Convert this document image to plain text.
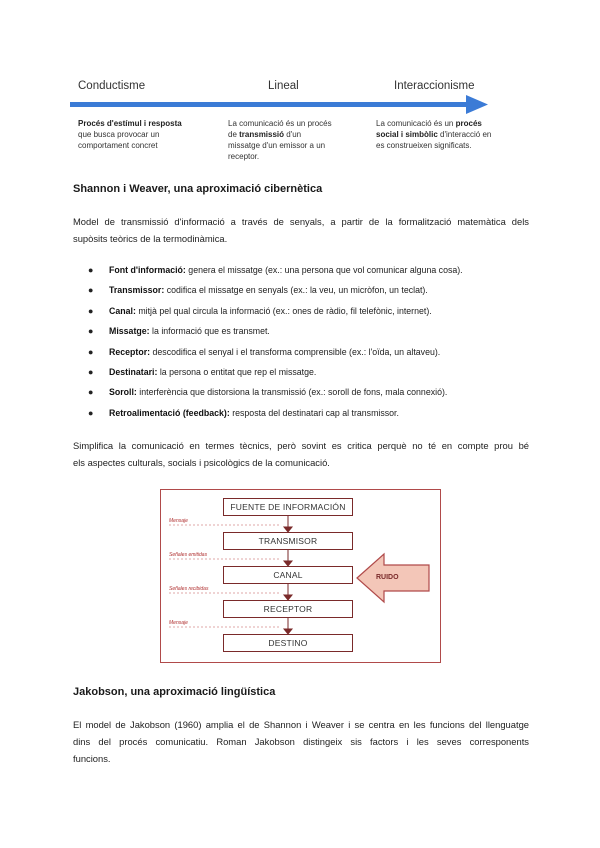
Conductisme	Lineal	Interaccionisme
Procés d'estímul i resposta
que busca provocar un
comportament concret
La comunicació és un procés
de transmissió d'un
missatge d'un emissor a un
receptor.
La comunicació és un procés
social i simbòlic d'interacció en
es construeixen significats.
Shannon i Weaver, una aproximació cibernètica
Model de transmissió d'informació a través de senyals, a partir de la formalització matemàtica dels
supòsits teòrics de la termodinàmica.
● Font d'informació: genera el missatge (ex.: una persona que vol comunicar alguna cosa).
● Transmissor: codifica el missatge en senyals (ex.: la veu, un micròfon, un teclat).
● Canal: mitjà pel qual circula la informació (ex.: ones de ràdio, fil telefònic, internet).
● Missatge: la informació que es transmet.
● Receptor: descodifica el senyal i el transforma comprensible (ex.: l'oïda, un altaveu).
● Destinatari: la persona o entitat que rep el missatge.
● Soroll: interferència que distorsiona la transmissió (ex.: soroll de fons, mala connexió).
● Retroalimentació (feedback): resposta del destinatari cap al transmissor.
Simplifica la comunicació en termes tècnics, però sovint es critica perquè no té en compte prou bé
els aspectes culturals, socials i psicològics de la comunicació.
Mensaje
Señales emitidas
Señales recibidas
Mensaje
FUENTE DE INFORMACIÓN
TRANSMISOR
CANAL
RECEPTOR
DESTINO
RUIDO
Jakobson, una aproximació lingüística
El model de Jakobson (1960) amplia el de Shannon i Weaver i se centra en les funcions del llenguatge
dins del procés comunicatiu. Roman Jakobson distingeix sis factors i les seves corresponents
funcions.
